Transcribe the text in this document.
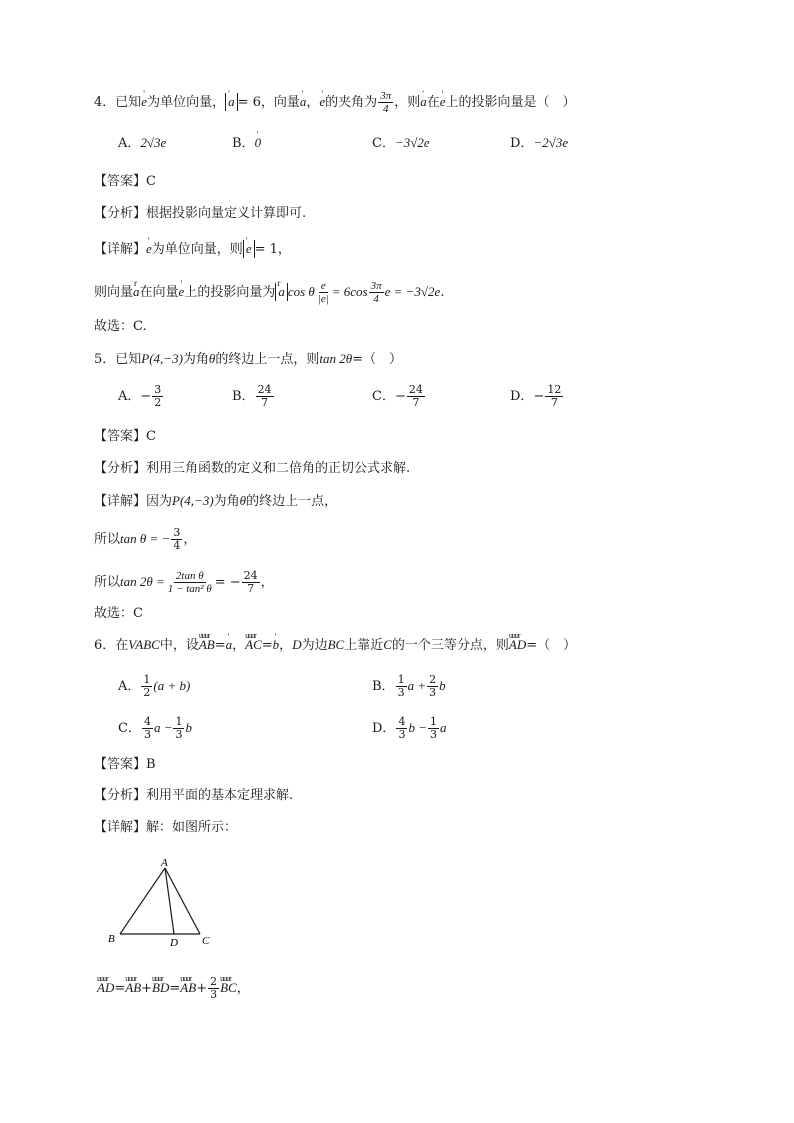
4．已知' e为单位向量， ' a = 6，向量' a，' e的夹角为 $\frac{3\pi}{4}$ ，则' a在' e上的投影向量是（　）
A．2√3e	B．' 0	C．−3√2e	D．−2√3e
【答案】C
【分析】根据投影向量定义计算即可.
【详解】' e为单位向量，则 ' e = 1，
则向量r a在向量' e上的投影向量为 r a cos θ $\frac{e}{|e|} = 6\cos \frac{3\pi}{4}$ e = −3√2e.
故选：C.
5．已知P(4,−3)为角θ的终边上一点，则tan 2θ=（　）
A．− $\frac{3}{2}$	B． $\frac{24}{7}$	C．− $\frac{24}{7}$	D．− $\frac{12}{7}$
【答案】C
【分析】利用三角函数的定义和二倍角的正切公式求解.
【详解】因为P(4,−3)为角θ的终边上一点，
所以tan θ = − $\frac{3}{4}$ ，
所以$\tan 2\theta = \frac{\text{2tan θ}}{\text{1 − tan² θ}}$ = − $\frac{24}{7}$ ，
故选：C
6．在VABC中，设uuur AB=' a，uuur AC=' b，D为边BC上靠近C的一个三等分点，则uuur AD=（　）
A． $\frac{1}{2} (a + b)$	B． $\frac{1}{3}$ $a + \frac{2}{3}$ b
C． $\frac{4}{3}$ $a - \frac{1}{3}$ b	D． $\frac{4}{3}$ $b - \frac{1}{3}$ a
【答案】B
【分析】利用平面的基本定理求解.
【详解】解：如图所示：
A
B	C
D
uuur AD=uuur AB+uuur BD=uuur $AB+ \frac{2}{3}$ uuur BC，
